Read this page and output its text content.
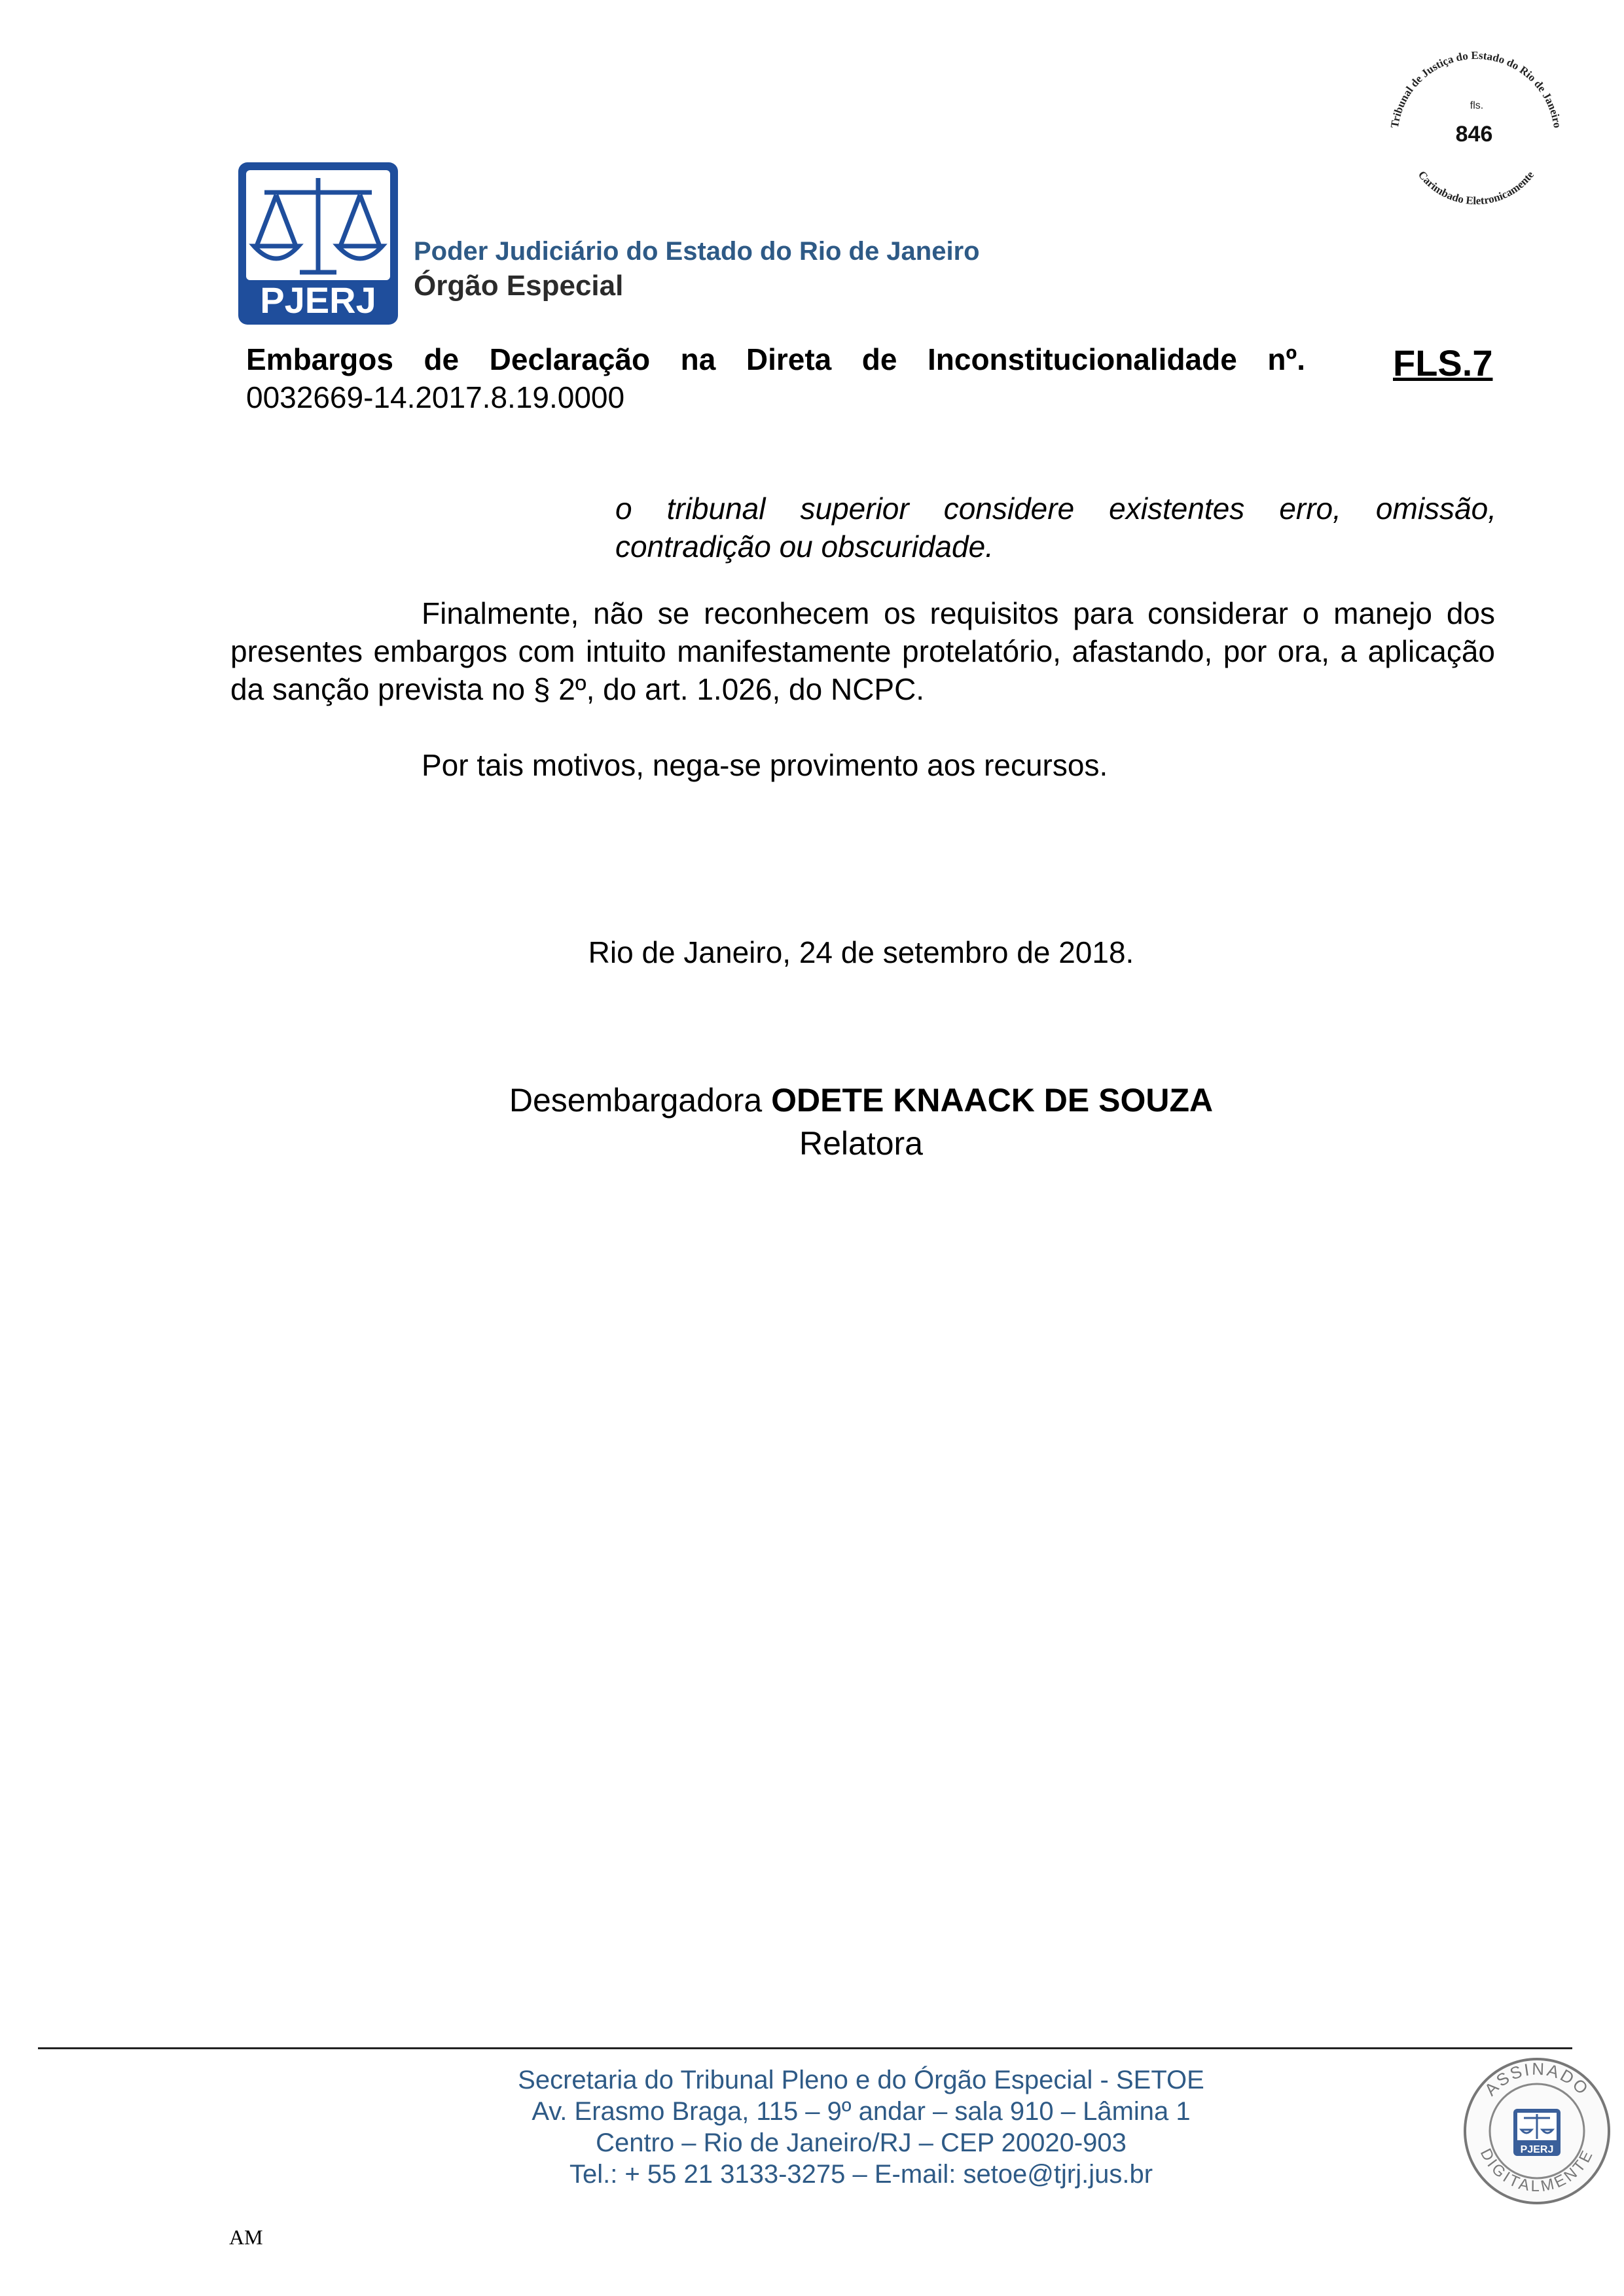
PJERJ
Poder Judiciário do Estado do Rio de Janeiro
Órgão Especial
Tribunal de Justiça do Estado do Rio de Janeiro
fls.
846
Carimbado Eletronicamente
Embargos de Declaração na Direta de Inconstitucionalidade nº.
0032669-14.2017.8.19.0000
FLS.7
o tribunal superior considere existentes erro, omissão, contradição ou obscuridade.
Finalmente, não se reconhecem os requisitos para considerar o manejo dos presentes embargos com intuito manifestamente protelatório, afastando, por ora, a aplicação da sanção prevista no § 2º, do art. 1.026, do NCPC.
Por tais motivos, nega-se provimento aos recursos.
Rio de Janeiro, 24 de setembro de 2018.
Desembargadora ODETE KNAACK DE SOUZA
Relatora
Secretaria do Tribunal Pleno e do Órgão Especial - SETOE
Av. Erasmo Braga, 115 – 9º andar – sala 910 – Lâmina 1
Centro – Rio de Janeiro/RJ – CEP 20020-903
Tel.: + 55 21 3133-3275 – E-mail: setoe@tjrj.jus.br
ASSINADO
DIGITALMENTE
PJERJ
AM
